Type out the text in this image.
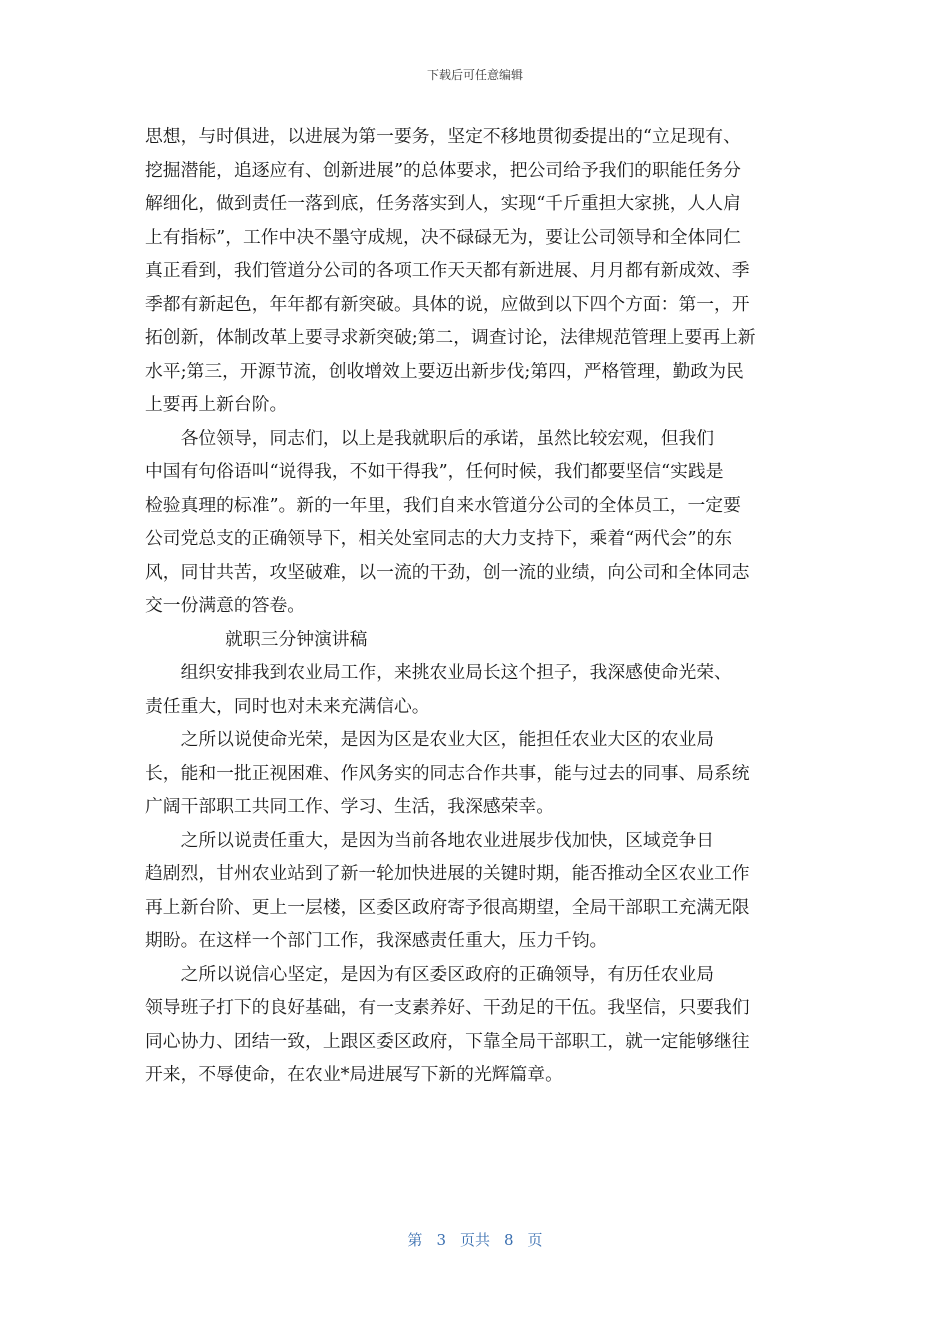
下载后可任意编辑

思想，与时俱进，以进展为第一要务，坚定不移地贯彻委提出的“立足现有、
挖掘潜能，追逐应有、创新进展”的总体要求，把公司给予我们的职能任务分
解细化，做到责任一落到底，任务落实到人，实现“千斤重担大家挑，人人肩
上有指标”，工作中决不墨守成规，决不碌碌无为，要让公司领导和全体同仁
真正看到，我们管道分公司的各项工作天天都有新进展、月月都有新成效、季
季都有新起色，年年都有新突破。具体的说，应做到以下四个方面：第一，开
拓创新，体制改革上要寻求新突破;第二，调查讨论，法律规范管理上要再上新
水平;第三，开源节流，创收增效上要迈出新步伐;第四，严格管理，勤政为民
上要再上新台阶。

各位领导，同志们，以上是我就职后的承诺，虽然比较宏观，但我们
中国有句俗语叫“说得我，不如干得我”，任何时候，我们都要坚信“实践是
检验真理的标准”。新的一年里，我们自来水管道分公司的全体员工，一定要
公司党总支的正确领导下，相关处室同志的大力支持下，乘着“两代会”的东
风，同甘共苦，攻坚破难，以一流的干劲，创一流的业绩，向公司和全体同志
交一份满意的答卷。

就职三分钟演讲稿

组织安排我到农业局工作，来挑农业局长这个担子，我深感使命光荣、
责任重大，同时也对未来充满信心。

之所以说使命光荣，是因为区是农业大区，能担任农业大区的农业局
长，能和一批正视困难、作风务实的同志合作共事，能与过去的同事、局系统
广阔干部职工共同工作、学习、生活，我深感荣幸。

之所以说责任重大，是因为当前各地农业进展步伐加快，区域竞争日
趋剧烈，甘州农业站到了新一轮加快进展的关键时期，能否推动全区农业工作
再上新台阶、更上一层楼，区委区政府寄予很高期望，全局干部职工充满无限
期盼。在这样一个部门工作，我深感责任重大，压力千钧。

之所以说信心坚定，是因为有区委区政府的正确领导，有历任农业局
领导班子打下的良好基础，有一支素养好、干劲足的干伍。我坚信，只要我们
同心协力、团结一致，上跟区委区政府，下靠全局干部职工，就一定能够继往
开来，不辱使命，在农业*局进展写下新的光辉篇章。

第 3 页共 8 页
